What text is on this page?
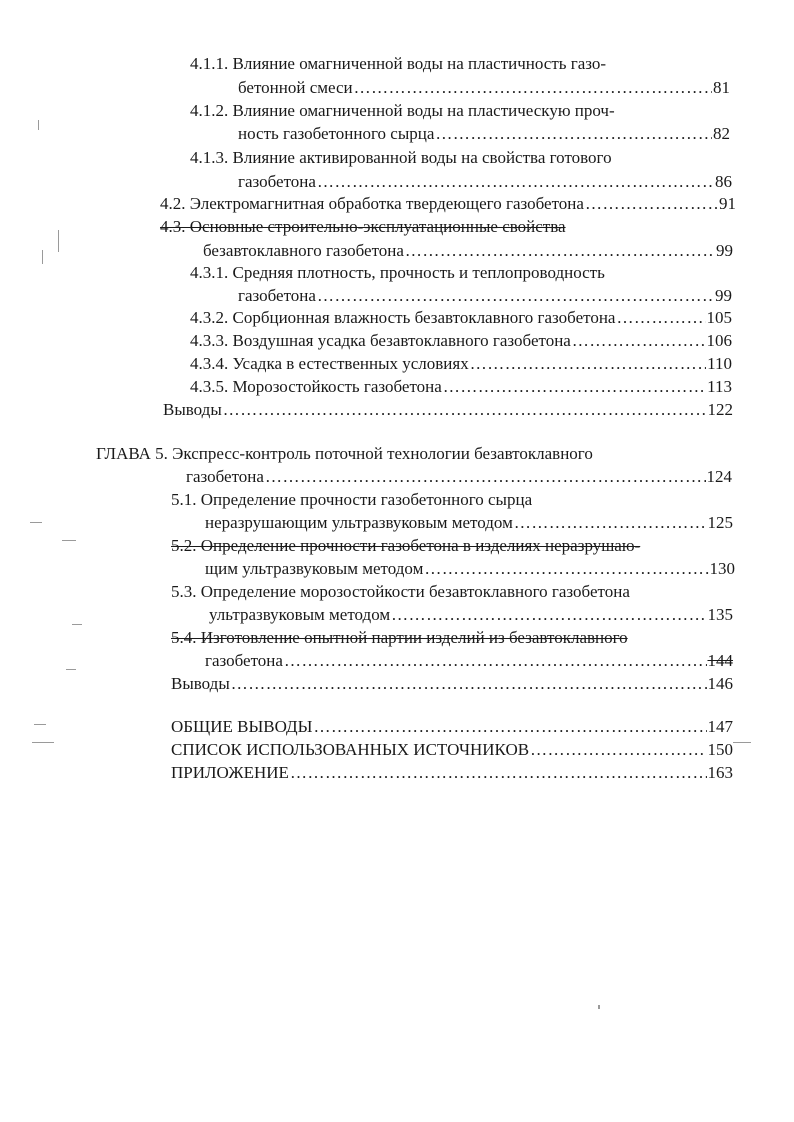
4.1.1. Влияние омагниченной воды на пластичность газо-
бетонной смеси …………………………………………………………………………………………………………………………………………………………………………	81
4.1.2. Влияние омагниченной воды на пластическую проч-
ность газобетонного сырца …………………………………………………………………………………………………………………………………………………………………………	82
4.1.3. Влияние активированной воды на свойства готового
газобетона …………………………………………………………………………………………………………………………………………………………………………	86
4.2. Электромагнитная обработка твердеющего газобетона …………………………………………………………………………………………………………………………………………………………………………	91
4.3. Основные строительно-эксплуатационные свойства
безавтоклавного газобетона …………………………………………………………………………………………………………………………………………………………………………	99
4.3.1. Средняя плотность, прочность и теплопроводность
газобетона …………………………………………………………………………………………………………………………………………………………………………	99
4.3.2. Сорбционная влажность безавтоклавного газобетона …………………………………………………………………………………………………………………………………………………………………………	105
4.3.3. Воздушная усадка безавтоклавного газобетона …………………………………………………………………………………………………………………………………………………………………………	106
4.3.4. Усадка в естественных условиях …………………………………………………………………………………………………………………………………………………………………………	110
4.3.5. Морозостойкость газобетона …………………………………………………………………………………………………………………………………………………………………………	113
Выводы …………………………………………………………………………………………………………………………………………………………………………	122
ГЛАВА 5. Экспресс-контроль поточной технологии безавтоклавного
газобетона …………………………………………………………………………………………………………………………………………………………………………	124
5.1. Определение прочности газобетонного сырца
неразрушающим ультразвуковым методом …………………………………………………………………………………………………………………………………………………………………………	125
5.2. Определение прочности газобетона в изделиях неразрушаю-
щим ультразвуковым методом …………………………………………………………………………………………………………………………………………………………………………	130
5.3. Определение морозостойкости безавтоклавного газобетона
ультразвуковым методом …………………………………………………………………………………………………………………………………………………………………………	135
5.4. Изготовление опытной партии изделий из безавтоклавного
газобетона …………………………………………………………………………………………………………………………………………………………………………	144
Выводы …………………………………………………………………………………………………………………………………………………………………………	146
ОБЩИЕ ВЫВОДЫ …………………………………………………………………………………………………………………………………………………………………………	147
СПИСОК ИСПОЛЬЗОВАННЫХ ИСТОЧНИКОВ …………………………………………………………………………………………………………………………………………………………………………	150
ПРИЛОЖЕНИЕ …………………………………………………………………………………………………………………………………………………………………………	163
